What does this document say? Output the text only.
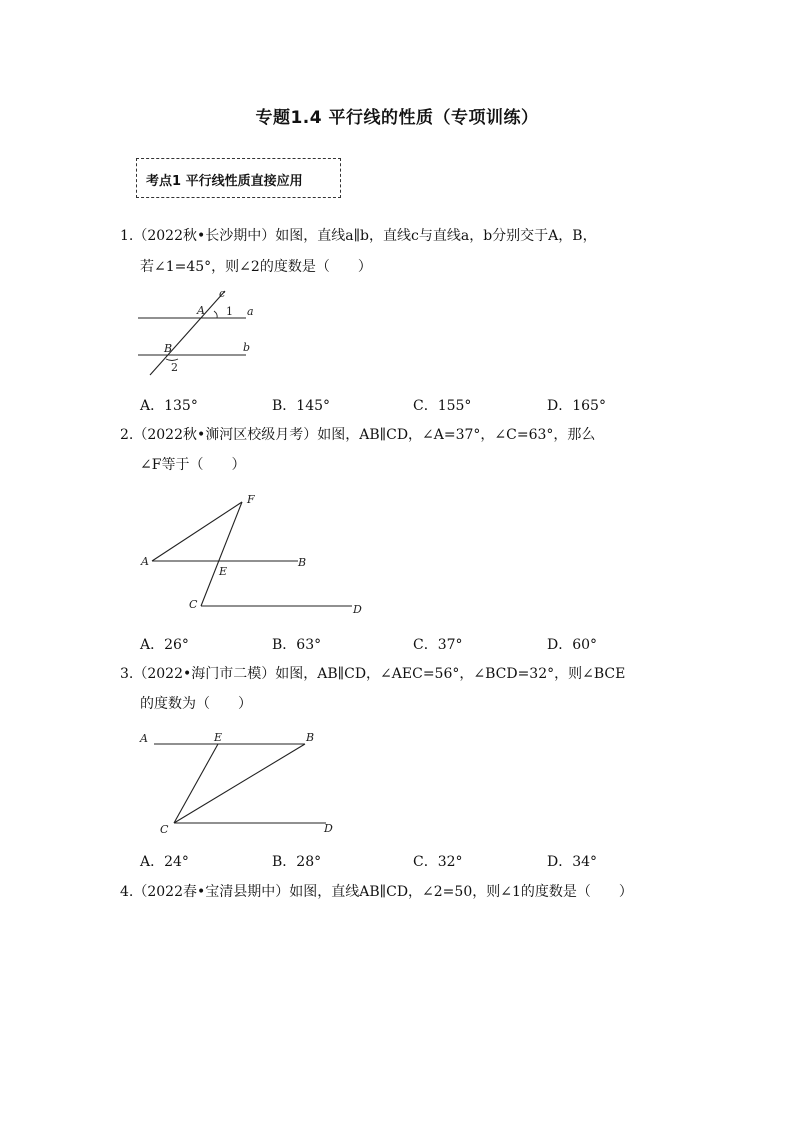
专题1.4 平行线的性质（专项训练）
考点1 平行线性质直接应用
1.（2022秋•长沙期中）如图，直线a∥b，直线c与直线a，b分别交于A，B，
若∠1=45°，则∠2的度数是（　　）
c
A 1 a
B	b
2
A．135°	B．145°	C．155°	D．165°
2.（2022秋•浉河区校级月考）如图，AB∥CD，∠A=37°，∠C=63°，那么
∠F等于（　　）
F
A	B
E
C	D
A．26°	B．63°	C．37°	D．60°
3.（2022•海门市二模）如图，AB∥CD，∠AEC=56°，∠BCD=32°，则∠BCE
的度数为（　　）
A	E	B
C	D
A．24°	B．28°	C．32°	D．34°
4.（2022春•宝清县期中）如图，直线AB∥CD，∠2=50，则∠1的度数是（　　）
